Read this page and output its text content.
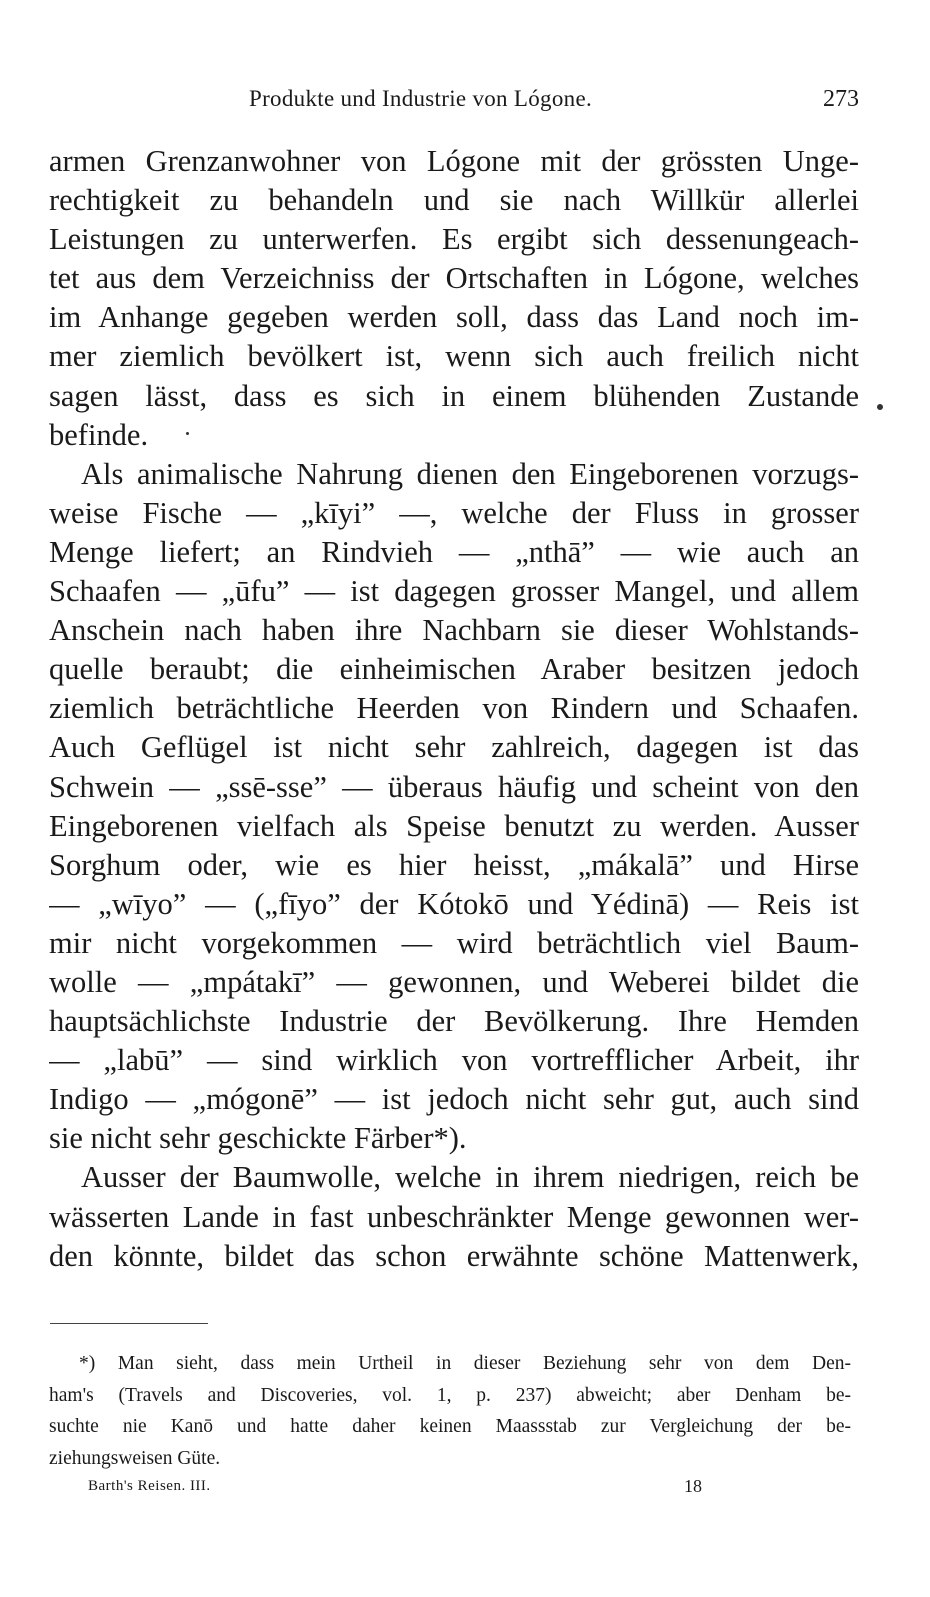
Produkte und Industrie von Lógone.	273
armen Grenzanwohner von Lógone mit der grössten Unge-
rechtigkeit zu behandeln und sie nach Willkür allerlei
Leistungen zu unterwerfen. Es ergibt sich dessenungeach-
tet aus dem Verzeichniss der Ortschaften in Lógone, welches
im Anhange gegeben werden soll, dass das Land noch im-
mer ziemlich bevölkert ist, wenn sich auch freilich nicht
sagen lässt, dass es sich in einem blühenden Zustande
befinde.
Als animalische Nahrung dienen den Eingeborenen vorzugs-
weise Fische — „kīyi” —, welche der Fluss in grosser
Menge liefert; an Rindvieh — „nthā” — wie auch an
Schaafen — „ūfu” — ist dagegen grosser Mangel, und allem
Anschein nach haben ihre Nachbarn sie dieser Wohlstands-
quelle beraubt; die einheimischen Araber besitzen jedoch
ziemlich beträchtliche Heerden von Rindern und Schaafen.
Auch Geflügel ist nicht sehr zahlreich, dagegen ist das
Schwein — „ssē-sse” — überaus häufig und scheint von den
Eingeborenen vielfach als Speise benutzt zu werden. Ausser
Sorghum oder, wie es hier heisst, „mákalā” und Hirse
— „wīyo” — („fīyo” der Kótokō und Yédinā) — Reis ist
mir nicht vorgekommen — wird beträchtlich viel Baum-
wolle — „mpátakī” — gewonnen, und Weberei bildet die
hauptsächlichste Industrie der Bevölkerung. Ihre Hemden
— „labū” — sind wirklich von vortrefflicher Arbeit, ihr
Indigo — „mógonē” — ist jedoch nicht sehr gut, auch sind
sie nicht sehr geschickte Färber*).
Ausser der Baumwolle, welche in ihrem niedrigen, reich be
wässerten Lande in fast unbeschränkter Menge gewonnen wer-
den könnte, bildet das schon erwähnte schöne Mattenwerk,
*) Man sieht, dass mein Urtheil in dieser Beziehung sehr von dem Den-
ham's (Travels and Discoveries, vol. 1, p. 237) abweicht; aber Denham be-
suchte nie Kanō und hatte daher keinen Maassstab zur Vergleichung der be-
ziehungsweisen Güte.
Barth's Reisen. III.	18
